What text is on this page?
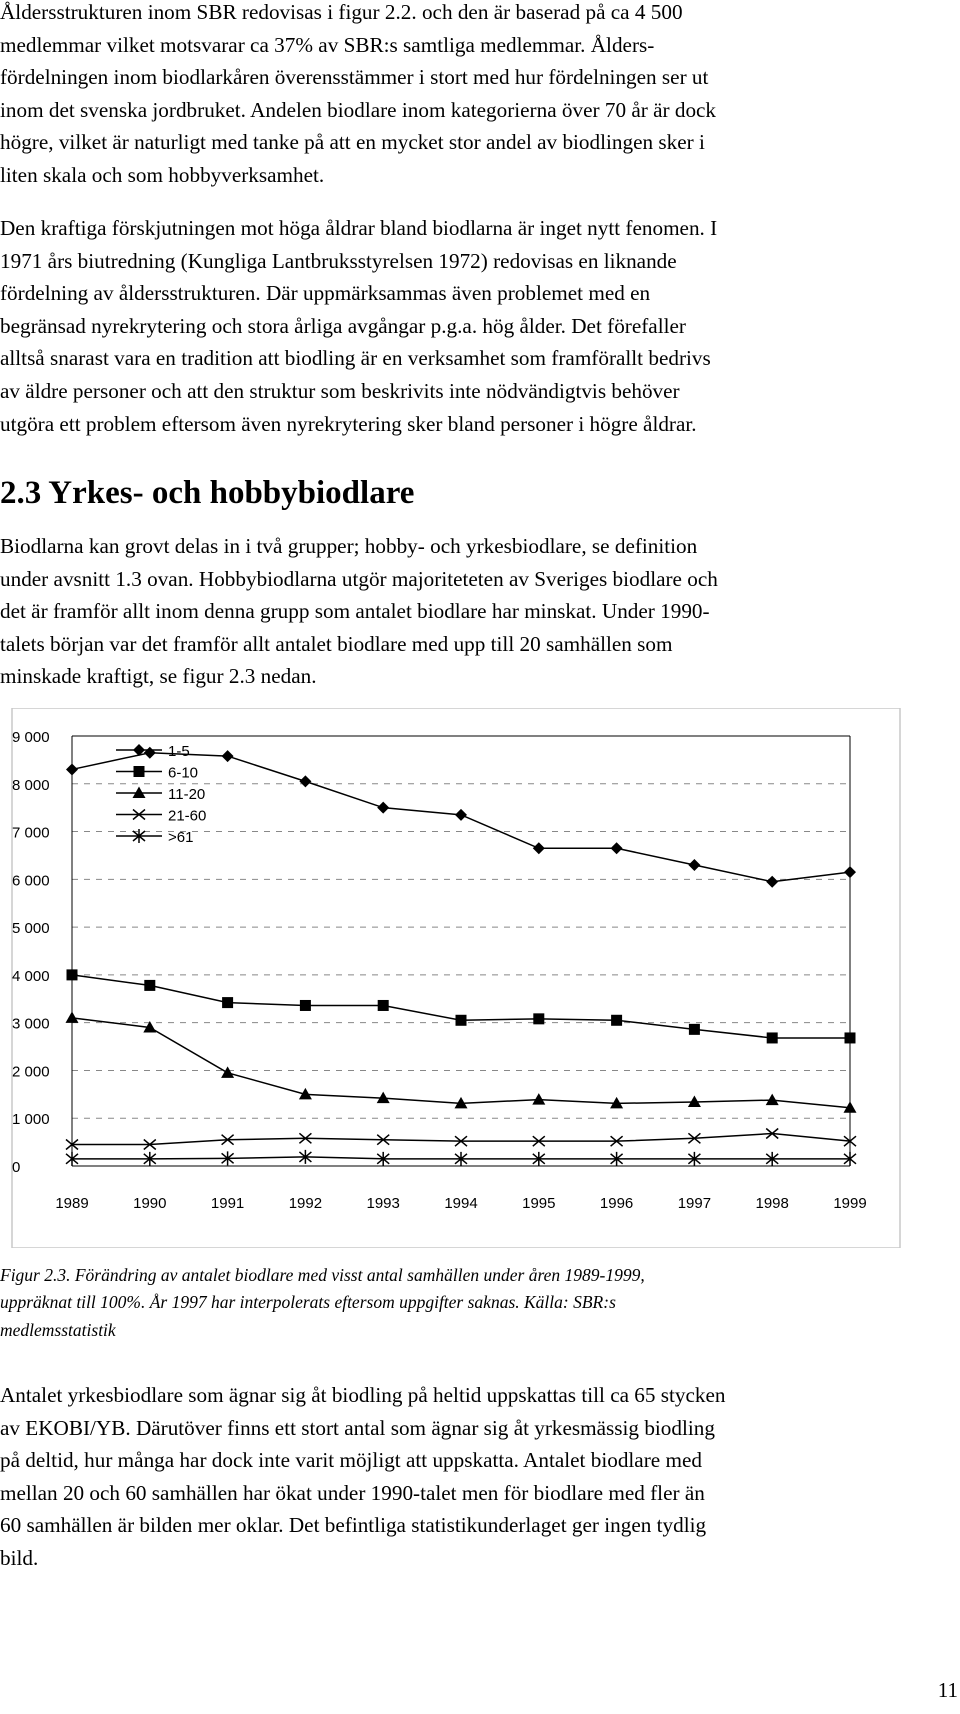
Åldersstrukturen inom SBR redovisas i figur 2.2. och den är baserad på ca 4 500
medlemmar vilket motsvarar ca 37% av SBR:s samtliga medlemmar. Ålders-
fördelningen inom biodlarkåren överensstämmer i stort med hur fördelningen ser ut
inom det svenska jordbruket. Andelen biodlare inom kategorierna över 70 år är dock
högre, vilket är naturligt med tanke på att en mycket stor andel av biodlingen sker i
liten skala och som hobbyverksamhet.

Den kraftiga förskjutningen mot höga åldrar bland biodlarna är inget nytt fenomen. I
1971 års biutredning (Kungliga Lantbruksstyrelsen 1972) redovisas en liknande
fördelning av åldersstrukturen. Där uppmärksammas även problemet med en
begränsad nyrekrytering och stora årliga avgångar p.g.a. hög ålder. Det förefaller
alltså snarast vara en tradition att biodling är en verksamhet som framförallt bedrivs
av äldre personer och att den struktur som beskrivits inte nödvändigtvis behöver
utgöra ett problem eftersom även nyrekrytering sker bland personer i högre åldrar.

2.3 Yrkes- och hobbybiodlare

Biodlarna kan grovt delas in i två grupper; hobby- och yrkesbiodlare, se definition
under avsnitt 1.3 ovan. Hobbybiodlarna utgör majoriteteten av Sveriges biodlare och
det är framför allt inom denna grupp som antalet biodlare har minskat. Under 1990-
talets början var det framför allt antalet biodlare med upp till 20 samhällen som
minskade kraftigt, se figur 2.3 nedan.

0
1 000
2 000
3 000
4 000
5 000
6 000
7 000
8 000
9 000
1989	1990	1991	1992	1993	1994	1995	1996	1997	1998	1999
1-5
6-10
11-20
21-60
>61

Figur 2.3. Förändring av antalet biodlare med visst antal samhällen under åren 1989-1999,
uppräknat till 100%. År 1997 har interpolerats eftersom uppgifter saknas. Källa: SBR:s
medlemsstatistik

Antalet yrkesbiodlare som ägnar sig åt biodling på heltid uppskattas till ca 65 stycken
av EKOBI/YB. Därutöver finns ett stort antal som ägnar sig åt yrkesmässig biodling
på deltid, hur många har dock inte varit möjligt att uppskatta. Antalet biodlare med
mellan 20 och 60 samhällen har ökat under 1990-talet men för biodlare med fler än
60 samhällen är bilden mer oklar. Det befintliga statistikunderlaget ger ingen tydlig
bild.

11
